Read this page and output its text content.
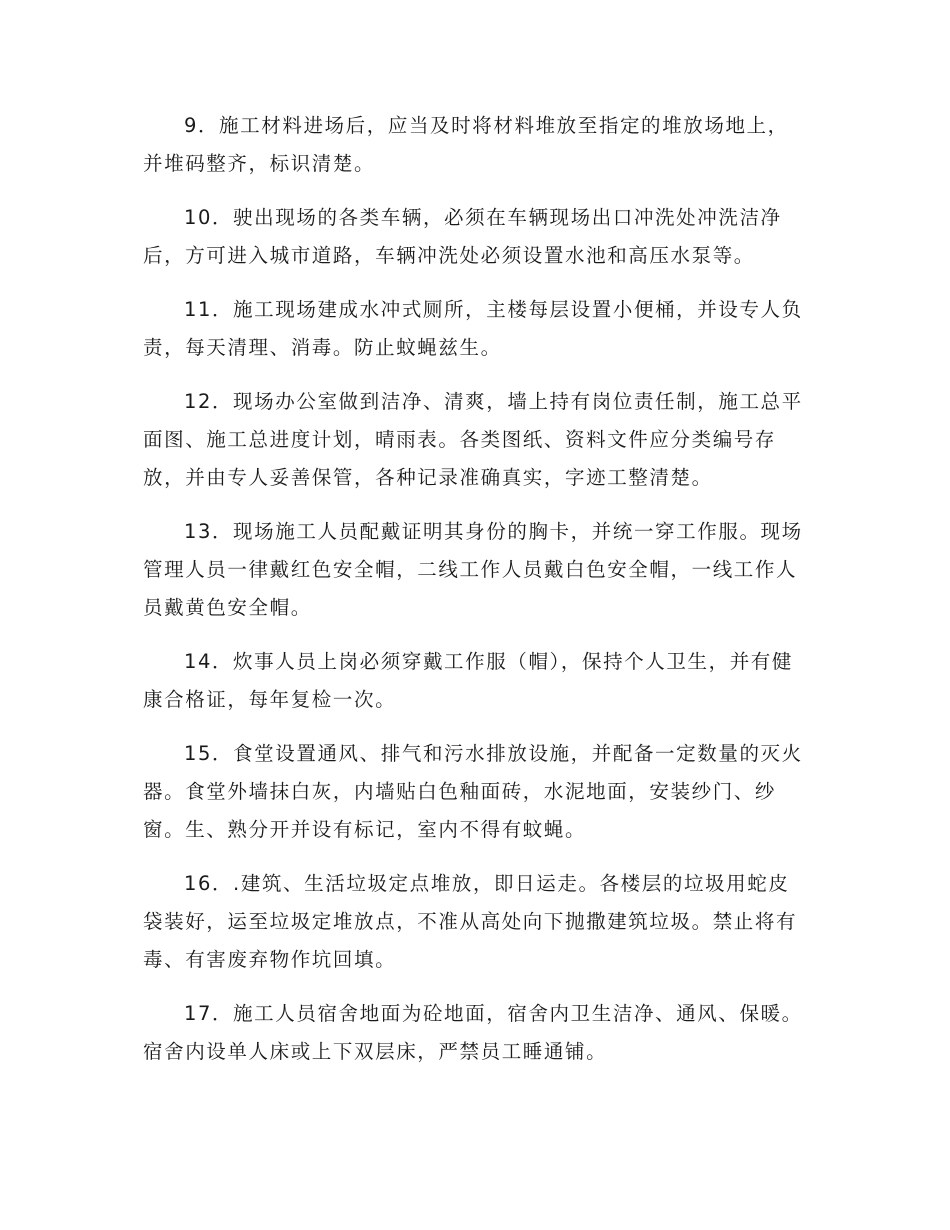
9．施工材料进场后，应当及时将材料堆放至指定的堆放场地上，并堆码整齐，标识清楚。

10．驶出现场的各类车辆，必须在车辆现场出口冲洗处冲洗洁净后，方可进入城市道路，车辆冲洗处必须设置水池和高压水泵等。

11．施工现场建成水冲式厕所，主楼每层设置小便桶，并设专人负责，每天清理、消毒。防止蚊蝇兹生。

12．现场办公室做到洁净、清爽，墙上持有岗位责任制，施工总平面图、施工总进度计划，晴雨表。各类图纸、资料文件应分类编号存放，并由专人妥善保管，各种记录准确真实，字迹工整清楚。

13．现场施工人员配戴证明其身份的胸卡，并统一穿工作服。现场管理人员一律戴红色安全帽，二线工作人员戴白色安全帽，一线工作人员戴黄色安全帽。

14．炊事人员上岗必须穿戴工作服（帽），保持个人卫生，并有健康合格证，每年复检一次。

15．食堂设置通风、排气和污水排放设施，并配备一定数量的灭火器。食堂外墙抹白灰，内墙贴白色釉面砖，水泥地面，安装纱门、纱窗。生、熟分开并设有标记，室内不得有蚊蝇。

16．.建筑、生活垃圾定点堆放，即日运走。各楼层的垃圾用蛇皮袋装好，运至垃圾定堆放点，不准从高处向下抛撒建筑垃圾。禁止将有毒、有害废弃物作坑回填。

17．施工人员宿舍地面为砼地面，宿舍内卫生洁净、通风、保暖。宿舍内设单人床或上下双层床，严禁员工睡通铺。
